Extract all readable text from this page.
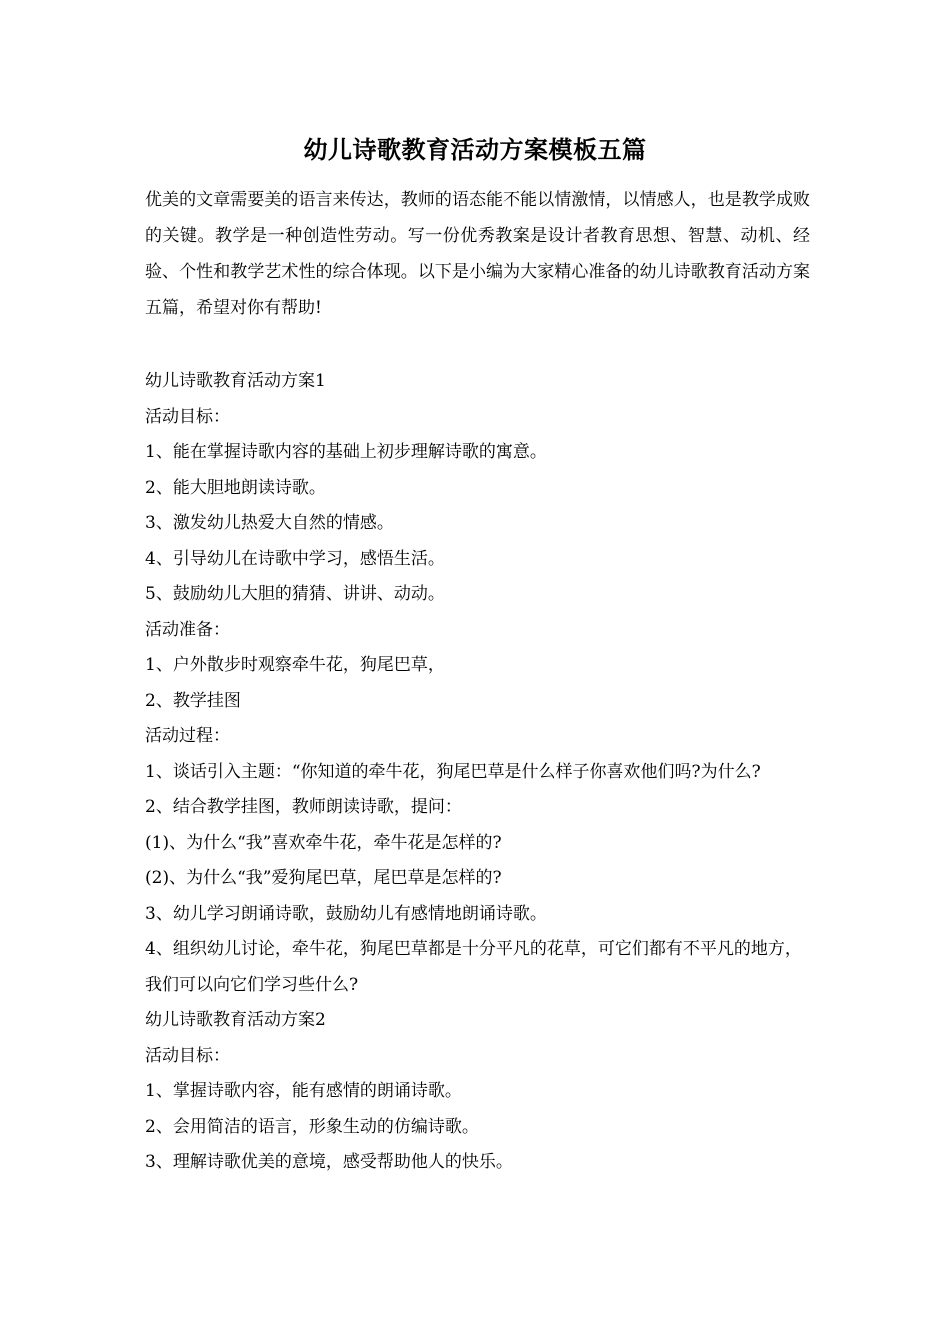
幼儿诗歌教育活动方案模板五篇

优美的文章需要美的语言来传达，教师的语态能不能以情激情，以情感人，也是教学成败的关键。教学是一种创造性劳动。写一份优秀教案是设计者教育思想、智慧、动机、经验、个性和教学艺术性的综合体现。以下是小编为大家精心准备的幼儿诗歌教育活动方案五篇，希望对你有帮助!

幼儿诗歌教育活动方案1

活动目标：

1、能在掌握诗歌内容的基础上初步理解诗歌的寓意。

2、能大胆地朗读诗歌。

3、激发幼儿热爱大自然的情感。

4、引导幼儿在诗歌中学习，感悟生活。

5、鼓励幼儿大胆的猜猜、讲讲、动动。

活动准备：

1、户外散步时观察牵牛花，狗尾巴草，

2、教学挂图

活动过程：

1、谈话引入主题：“你知道的牵牛花，狗尾巴草是什么样子你喜欢他们吗?为什么?

2、结合教学挂图，教师朗读诗歌，提问：

(1)、为什么“我”喜欢牵牛花，牵牛花是怎样的?

(2)、为什么“我”爱狗尾巴草，尾巴草是怎样的?

3、幼儿学习朗诵诗歌，鼓励幼儿有感情地朗诵诗歌。

4、组织幼儿讨论，牵牛花，狗尾巴草都是十分平凡的花草，可它们都有不平凡的地方，我们可以向它们学习些什么?

幼儿诗歌教育活动方案2

活动目标：

1、掌握诗歌内容，能有感情的朗诵诗歌。

2、会用简洁的语言，形象生动的仿编诗歌。

3、理解诗歌优美的意境，感受帮助他人的快乐。
